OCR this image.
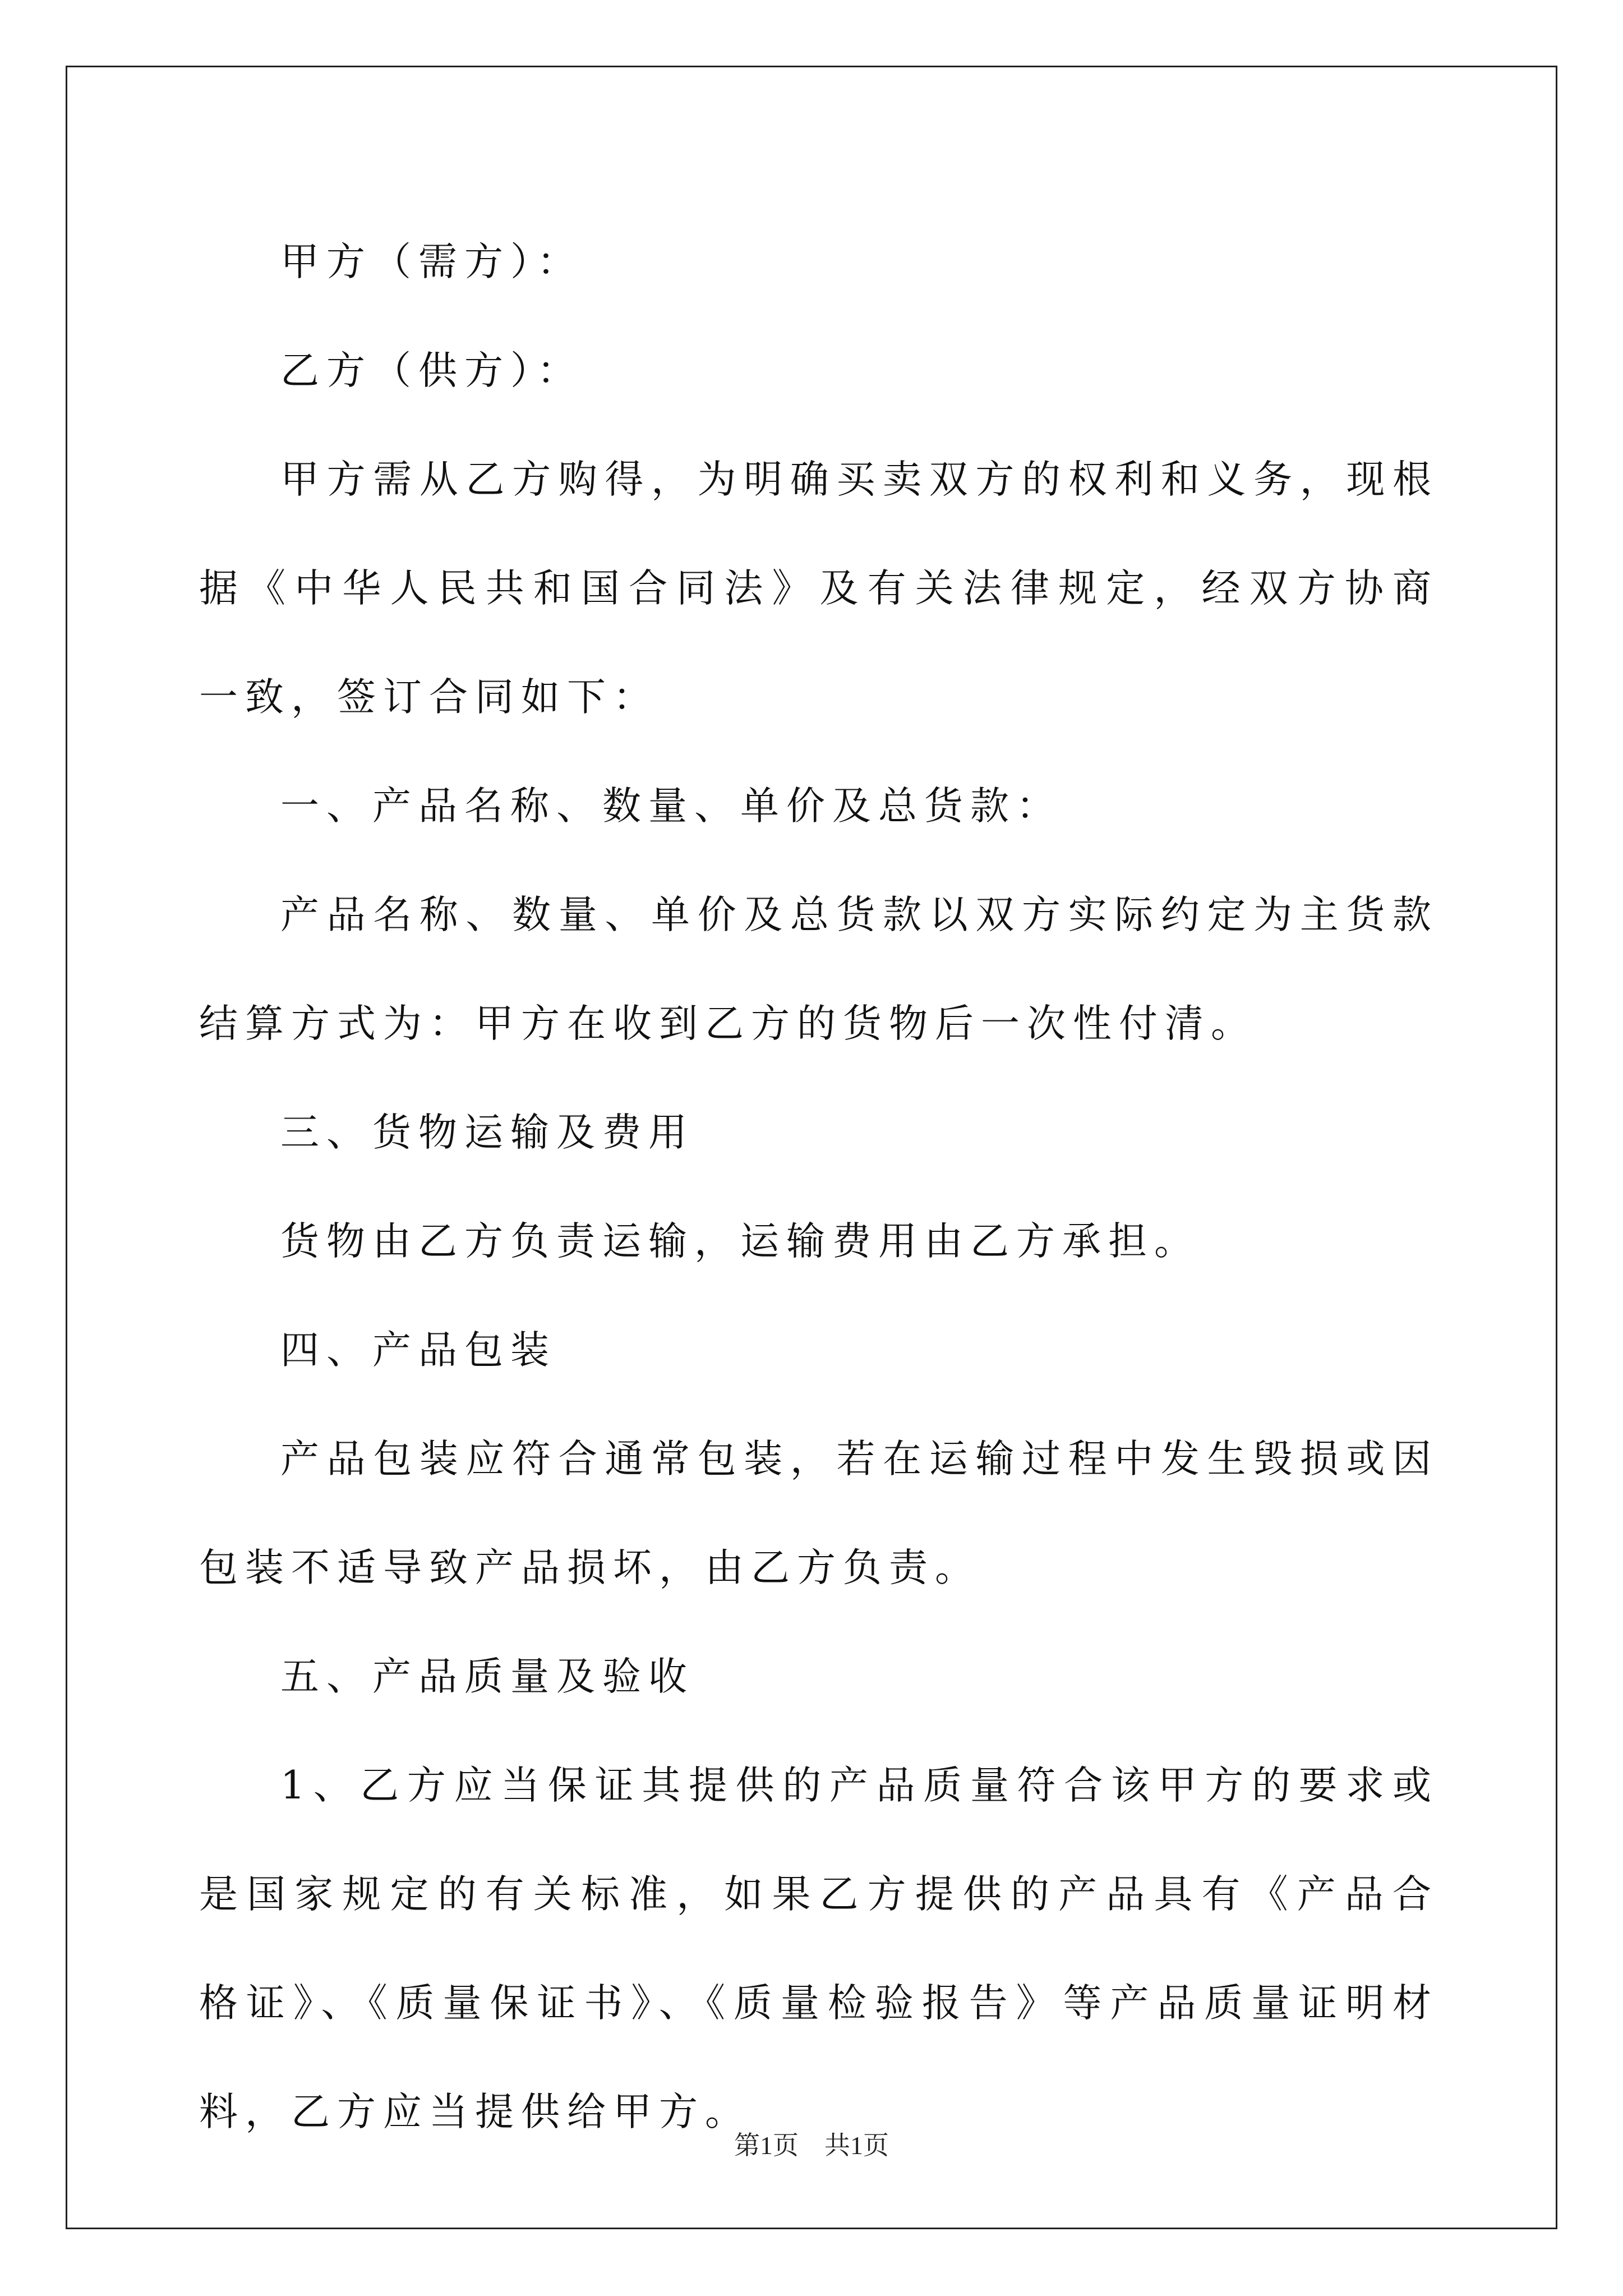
甲方（需方）：

乙方（供方）：

甲方需从乙方购得，为明确买卖双方的权利和义务，现根据《中华人民共和国合同法》及有关法律规定，经双方协商一致，签订合同如下：

一、产品名称、数量、单价及总货款：

产品名称、数量、单价及总货款以双方实际约定为主货款结算方式为：甲方在收到乙方的货物后一次性付清。

三、货物运输及费用

货物由乙方负责运输，运输费用由乙方承担。

四、产品包装

产品包装应符合通常包装，若在运输过程中发生毁损或因包装不适导致产品损坏，由乙方负责。

五、产品质量及验收

1、乙方应当保证其提供的产品质量符合该甲方的要求或是国家规定的有关标准，如果乙方提供的产品具有《产品合格证》、《质量保证书》、《质量检验报告》等产品质量证明材料，乙方应当提供给甲方。

第1页　共1页
